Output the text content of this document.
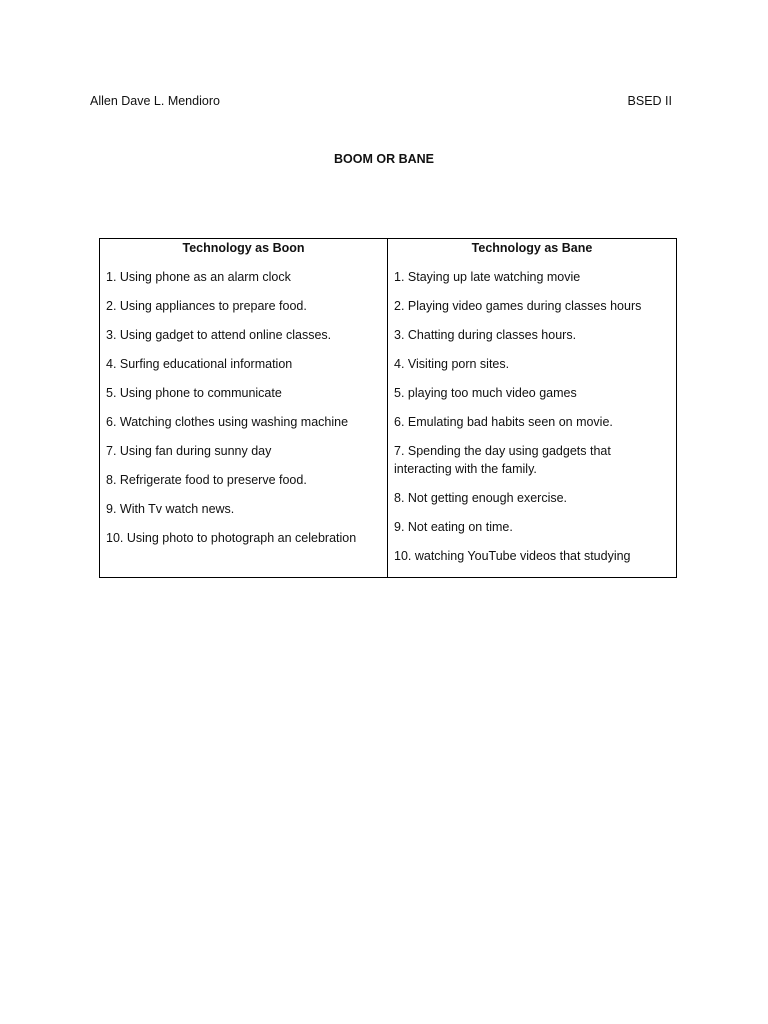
Allen Dave L. Mendioro	BSED II
BOOM OR BANE
Technology as Boon
1. Using phone as an alarm clock
2. Using appliances to prepare food.
3. Using gadget to attend online classes.
4. Surfing educational information
5. Using phone to communicate
6. Watching clothes using washing machine
7. Using fan during sunny day
8. Refrigerate food to preserve food.
9. With Tv watch news.
10. Using photo to photograph an celebration
Technology as Bane
1. Staying up late watching movie
2. Playing video games during classes hours
3. Chatting during classes hours.
4. Visiting porn sites.
5. playing too much video games
6. Emulating bad habits seen on movie.
7. Spending the day using gadgets that interacting with the family.
8. Not getting enough exercise.
9. Not eating on time.
10. watching YouTube videos that studying
